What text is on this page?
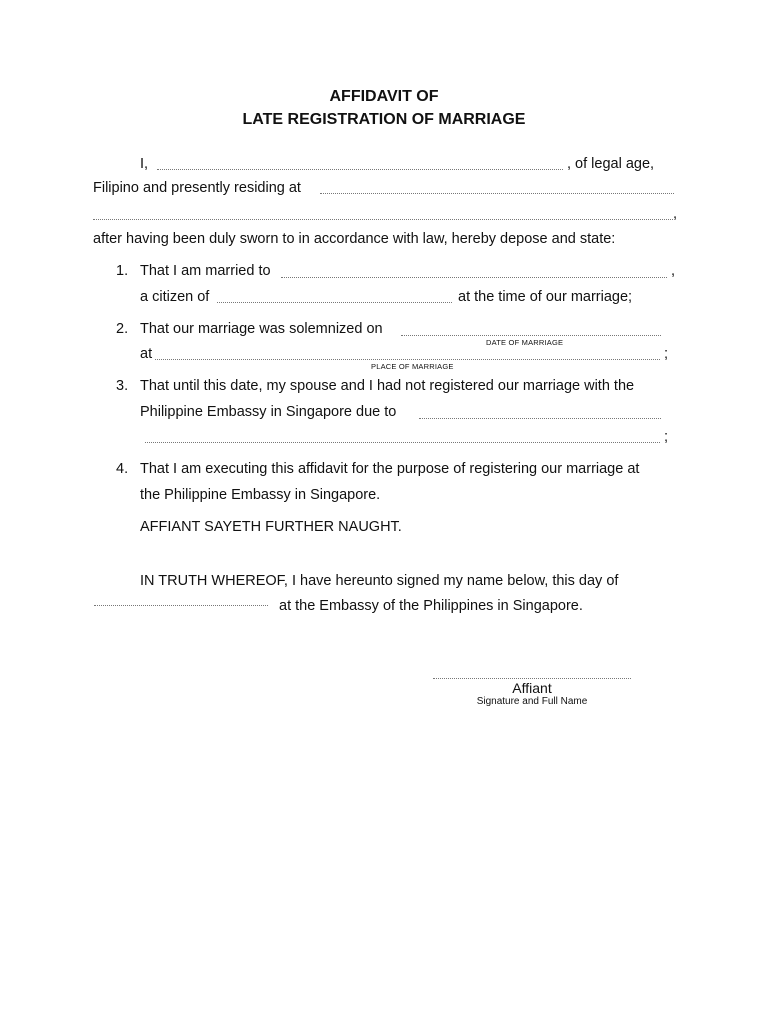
AFFIDAVIT OF
LATE REGISTRATION OF MARRIAGE
I,	, of legal age,
Filipino and presently residing at
,
after having been duly sworn to in accordance with law, hereby depose and state:
1. That I am married to	,
a citizen of	at the time of our marriage;
2. That our marriage was solemnized on
DATE OF MARRIAGE
at	;
PLACE OF MARRIAGE
3. That until this date, my spouse and I had not registered our marriage with the
Philippine Embassy in Singapore due to
;
4. That I am executing this affidavit for the purpose of registering our marriage at
the Philippine Embassy in Singapore.
AFFIANT SAYETH FURTHER NAUGHT.
IN TRUTH WHEREOF, I have hereunto signed my name below, this day of
at the Embassy of the Philippines in Singapore.
Affiant
Signature and Full Name
